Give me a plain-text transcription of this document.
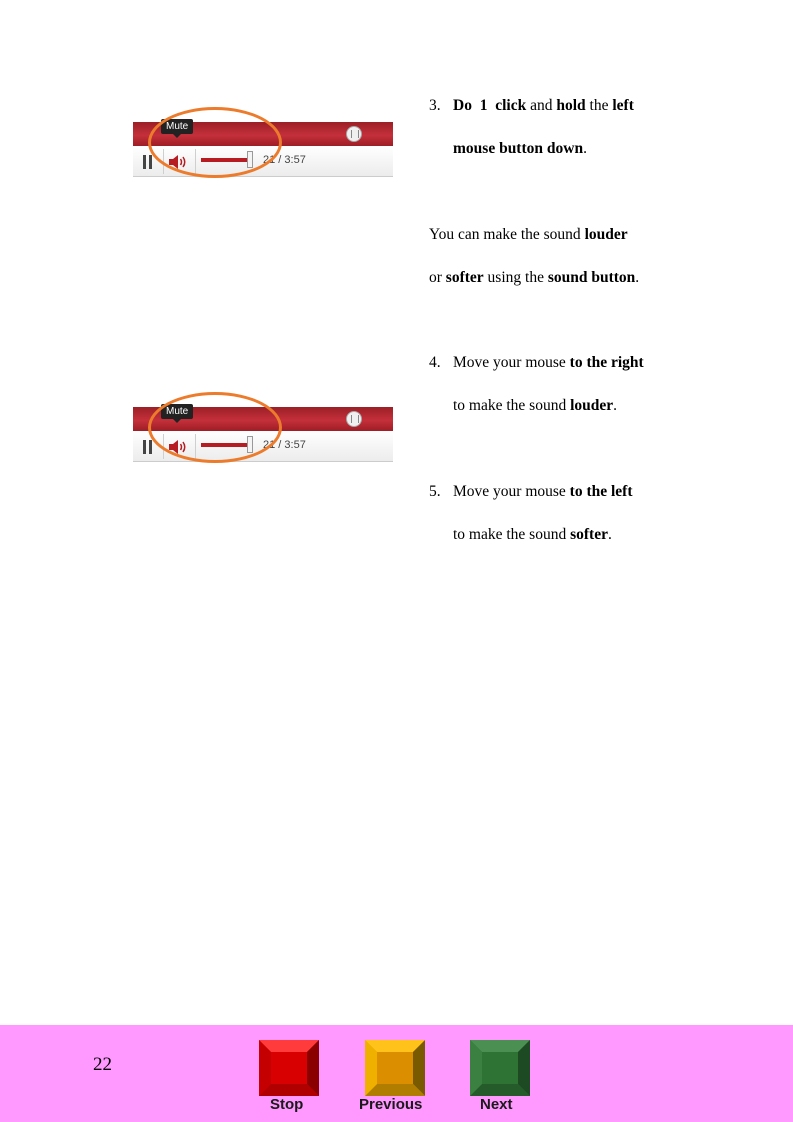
3. Do 1 click and hold the left
mouse button down.
You can make the sound louder
or softer using the sound button.
4. Move your mouse to the right
to make the sound louder.
5. Move your mouse to the left
to make the sound softer.
21 / 3:57
Mute
21 / 3:57
Mute
22
Stop	Previous	Next
